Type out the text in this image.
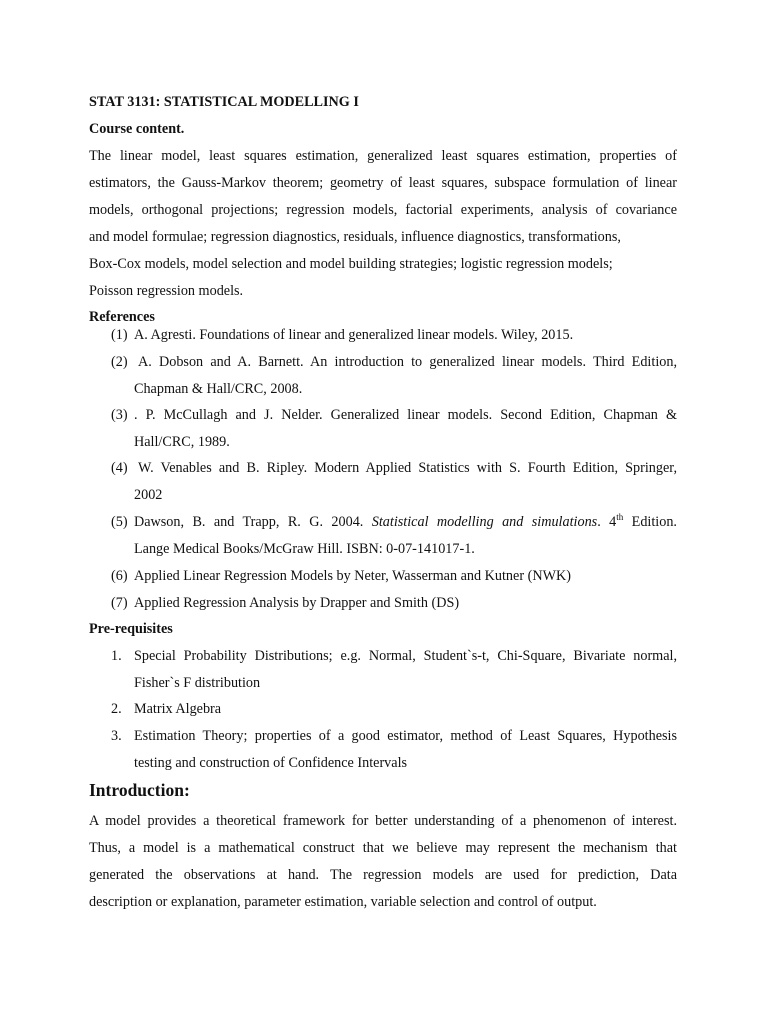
STAT 3131: STATISTICAL MODELLING I
Course content.
The linear model, least squares estimation, generalized least squares estimation, properties of
estimators, the Gauss-Markov theorem; geometry of least squares, subspace formulation of linear
models, orthogonal projections; regression models, factorial experiments, analysis of covariance
and model formulae; regression diagnostics, residuals, influence diagnostics, transformations,
Box-Cox models, model selection and model building strategies; logistic regression models;
Poisson regression models.
References
(1) A. Agresti. Foundations of linear and generalized linear models. Wiley, 2015.
(2) A. Dobson and A. Barnett. An introduction to generalized linear models. Third Edition,
Chapman & Hall/CRC, 2008.
(3) . P. McCullagh and J. Nelder. Generalized linear models. Second Edition, Chapman &
Hall/CRC, 1989.
(4) W. Venables and B. Ripley. Modern Applied Statistics with S. Fourth Edition, Springer,
2002
(5) Dawson, B. and Trapp, R. G. 2004. Statistical modelling and simulations. 4th Edition.
Lange Medical Books/McGraw Hill. ISBN: 0-07-141017-1.
(6) Applied Linear Regression Models by Neter, Wasserman and Kutner (NWK)
(7) Applied Regression Analysis by Drapper and Smith (DS)
Pre-requisites
1. Special Probability Distributions; e.g. Normal, Student`s-t, Chi-Square, Bivariate normal,
Fisher`s F distribution
2. Matrix Algebra
3. Estimation Theory; properties of a good estimator, method of Least Squares, Hypothesis
testing and construction of Confidence Intervals
Introduction:
A model provides a theoretical framework for better understanding of a phenomenon of interest.
Thus, a model is a mathematical construct that we believe may represent the mechanism that
generated the observations at hand. The regression models are used for prediction, Data
description or explanation, parameter estimation, variable selection and control of output.
